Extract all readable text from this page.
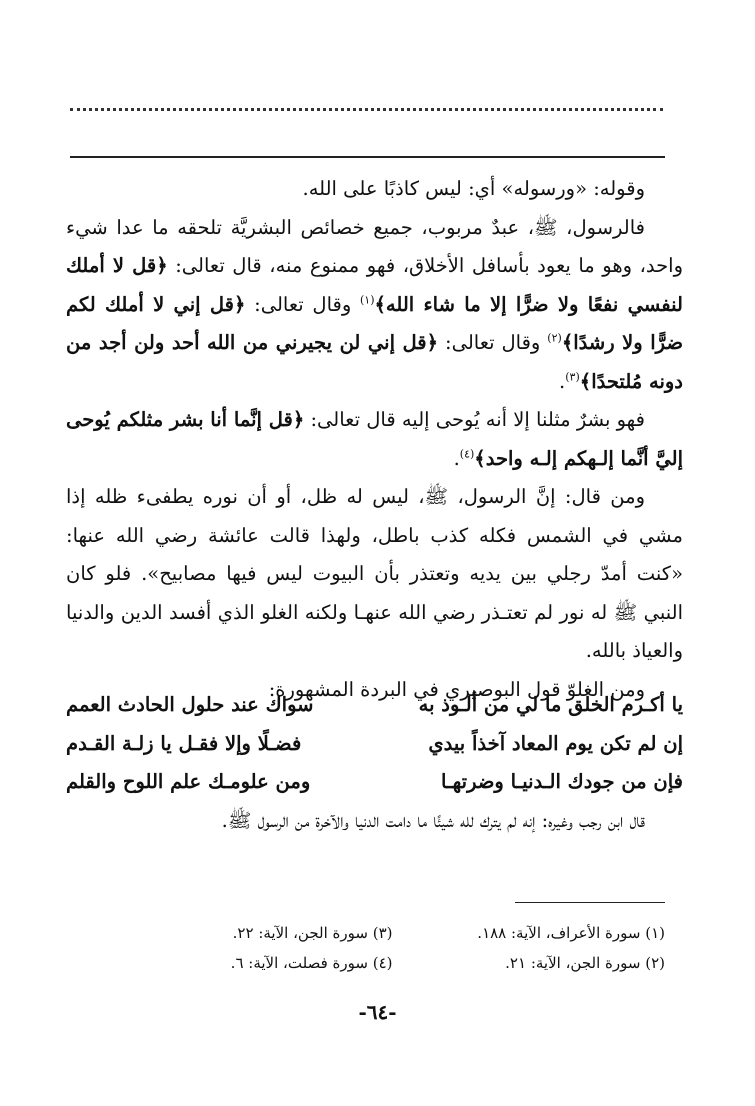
وقوله: «ورسوله» أي: ليس كاذبًا على الله.

فالرسول، ﷺ، عبدٌ مربوب، جميع خصائص البشريَّة تلحقه ما عدا شيء واحد، وهو ما يعود بأسافل الأخلاق، فهو ممنوع منه، قال تعالى: ﴿قل لا أملك لنفسي نفعًا ولا ضرًّا إلا ما شاء الله﴾$^{(١)}$ وقال تعالى: ﴿قل إني لا أملك لكم ضرًّا ولا رشدًا﴾$^{(٢)}$ وقال تعالى: ﴿قل إني لن يجيرني من الله أحد ولن أجد من دونه مُلتحدًا﴾$^{(٣)}$.

فهو بشرٌ مثلنا إلا أنه يُوحى إليه قال تعالى: ﴿قل إنَّما أنا بشر مثلكم يُوحى إليَّ أنَّما إلـهكم إلـه واحد﴾$^{(٤)}$.

ومن قال: إنَّ الرسول، ﷺ، ليس له ظل، أو أن نوره يطفىء ظله إذا مشي في الشمس فكله كذب باطل، ولهذا قالت عائشة رضي الله عنها: «كنت أمدّ رجلي بين يديه وتعتذر بأن البيوت ليس فيها مصابيح». فلو كان النبي ﷺ له نور لم تعتـذر رضي الله عنهـا ولكنه الغلو الذي أفسد الدين والدنيا والعياذ بالله.

ومن الغلوّ قول البوصيري في البردة المشهورة:

يا أكـرم الخلق ما لي من ألـوذ به
سواك عند حلول الحادث العمم
إن لم تكن يوم المعاد آخذاً بيدي
فضـلًا وإلا فقـل يا زلـة القـدم
فإن من جودك الـدنيـا وضرتهـا
ومن علومـك علم اللوح والقلم

قال ابن رجب وغيره: إنه لم يترك لله شيئًا ما دامت الدنيا والآخرة من الرسول ﷺ.

(١) سورة الأعراف، الآية: ١٨٨.
(٣) سورة الجن، الآية: ٢٢.
(٢) سورة الجن، الآية: ٢١.
(٤) سورة فصلت، الآية: ٦.
-٦٤-
